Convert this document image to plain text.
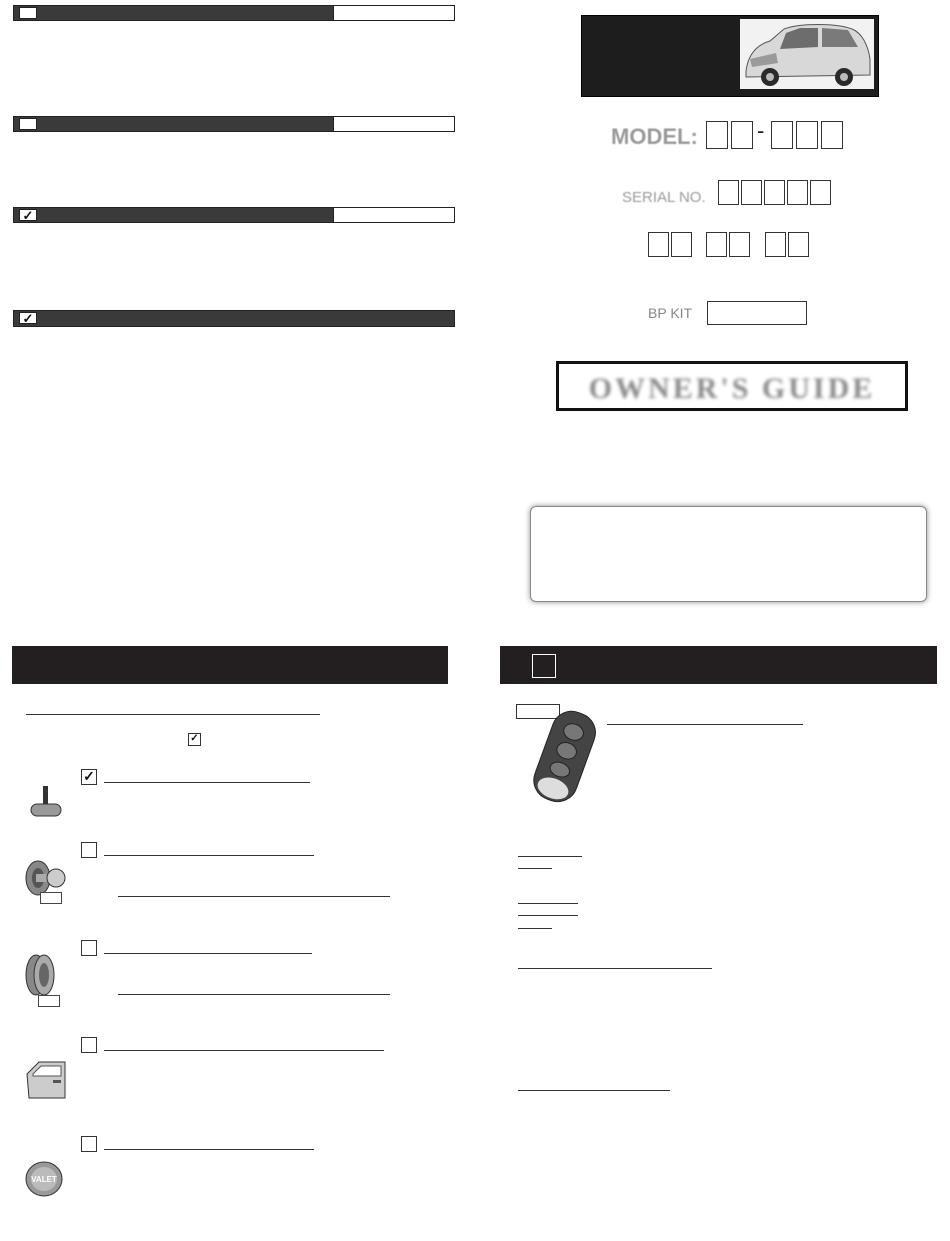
✓
✓
MODEL:	-
SERIAL NO.
BP KIT
OWNER'S GUIDE
✓
✓
VALET
